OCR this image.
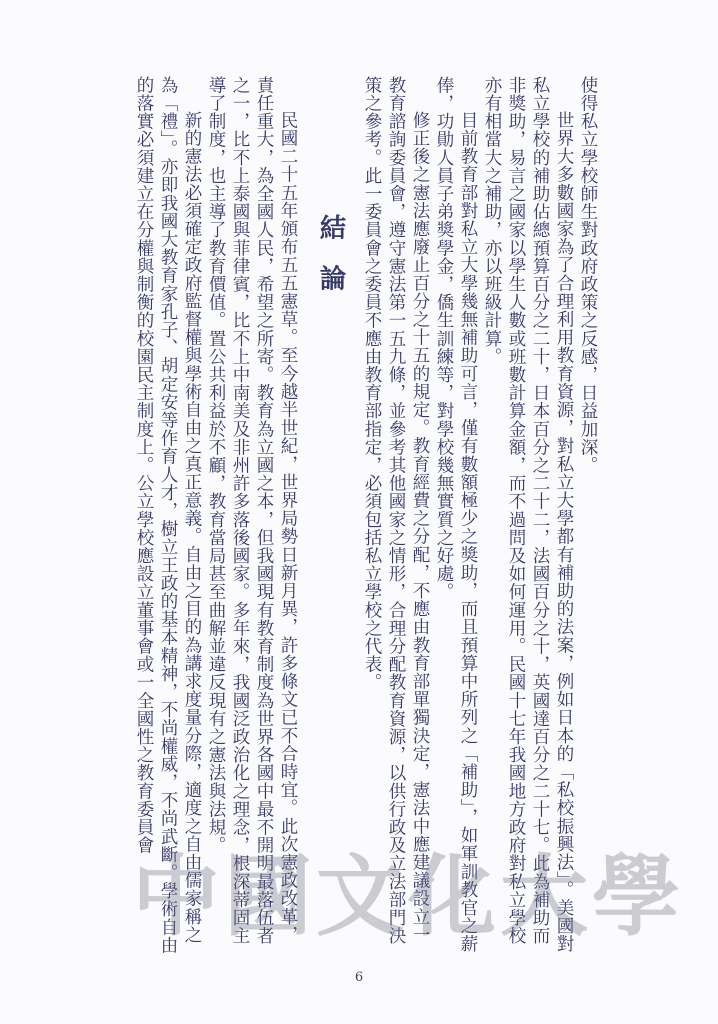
使得私立學校師生對政府政策之反感，日益加深。

世界大多數國家為了合理利用教育資源，對私立大學都有補助的法案，例如日本的「私校振興法」。美國對私立學校的補助佔總預算百分之二十，日本百分之二十二，法國百分之十，英國達百分之二十七。此為補助而非獎助，易言之國家以學生人數或班數計算金額，而不過問及如何運用。民國十七年我國地方政府對私立學校亦有相當大之補助，亦以班級計算。

目前教育部對私立大學幾無補助可言，僅有數額極少之獎助，而且預算中所列之「補助」，如軍訓教官之薪俸，功勛人員子弟獎學金，僑生訓練等，對學校幾無實質之好處。

修正後之憲法應廢止百分之十五的規定。教育經費之分配，不應由教育部單獨決定，憲法中應建議設立一教育諮詢委員會，遵守憲法第一五九條，並參考其他國家之情形，合理分配教育資源，以供行政及立法部門決策之參考。此一委員會之委員不應由教育部指定，必須包括私立學校之代表。

結論

民國二十五年頒布五五憲草。至今越半世紀，世界局勢日新月異，許多條文已不合時宜。此次憲政改革，責任重大，為全國人民，希望之所寄。教育為立國之本，但我國現有教育制度為世界各國中最不開明最落伍者之一，比不上泰國與菲律賓，比不上中南美及非州許多落後國家。多年來，我國泛政治化之理念，根深蒂固主導了制度，也主導了教育價值。置公共利益於不顧，教育當局甚至曲解並違反現有之憲法與法規。

新的憲法必須確定政府監督權與學術自由之真正意義。自由之目的為講求度量分際，適度之自由儒家稱之為「禮」。亦即我國大教育家孔子、胡定安等作育人才，樹立王政的基本精神，不尚權威，不尚武斷。學術自由的落實必須建立在分權與制衡的校園民主制度上。公立學校應設立董事會或一全國性之教育委員會

中國文化大學
6
